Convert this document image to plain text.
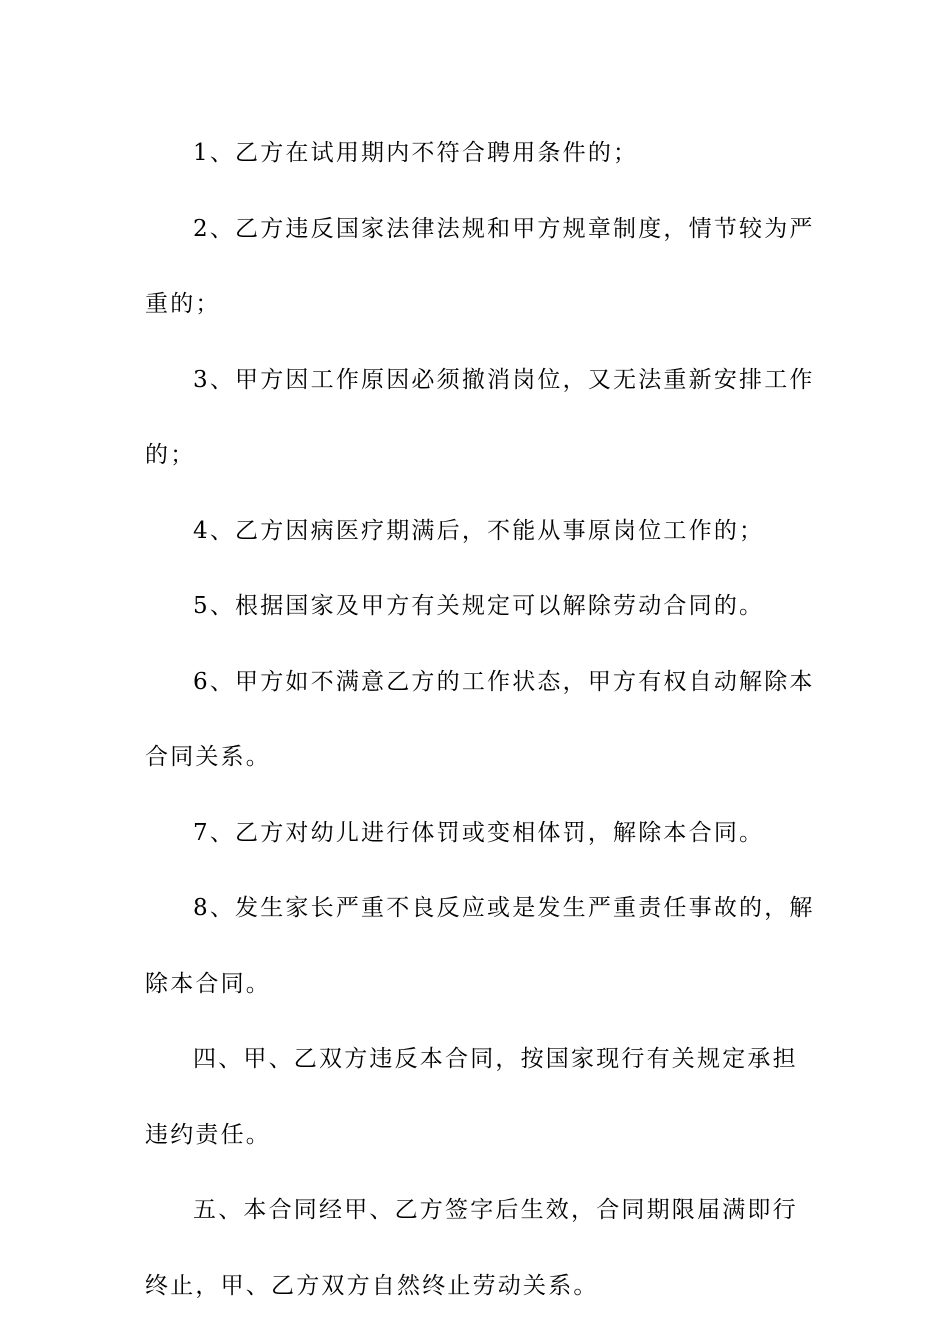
1、乙方在试用期内不符合聘用条件的；

2、乙方违反国家法律法规和甲方规章制度，情节较为严重的；

3、甲方因工作原因必须撤消岗位，又无法重新安排工作的；

4、乙方因病医疗期满后，不能从事原岗位工作的；

5、根据国家及甲方有关规定可以解除劳动合同的。

6、甲方如不满意乙方的工作状态，甲方有权自动解除本合同关系。

7、乙方对幼儿进行体罚或变相体罚，解除本合同。

8、发生家长严重不良反应或是发生严重责任事故的，解除本合同。

四、甲、乙双方违反本合同，按国家现行有关规定承担违约责任。

五、本合同经甲、乙方签字后生效，合同期限届满即行终止，甲、乙方双方自然终止劳动关系。
